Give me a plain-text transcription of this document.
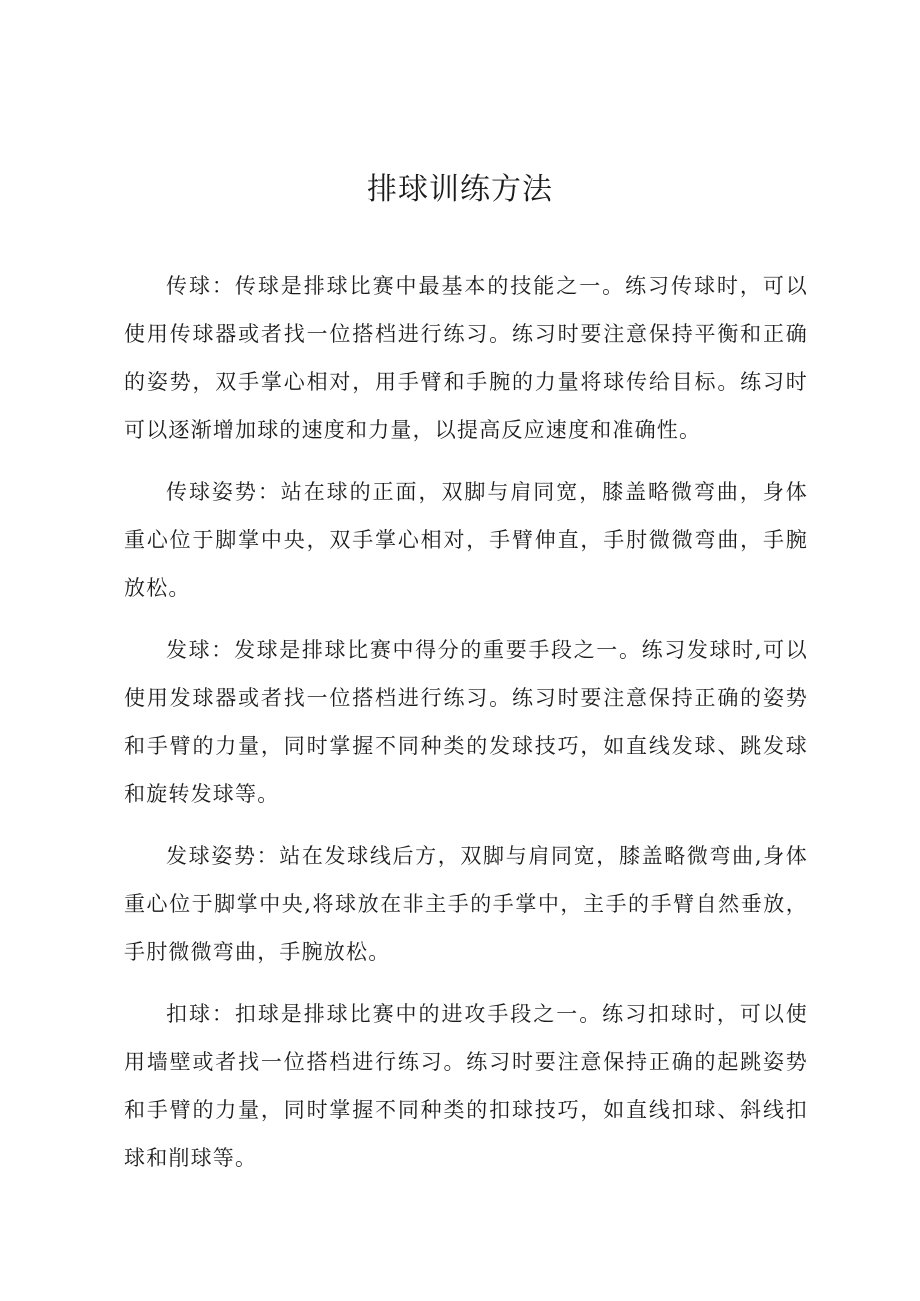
排球训练方法

传球：传球是排球比赛中最基本的技能之一。练习传球时，可以使用传球器或者找一位搭档进行练习。练习时要注意保持平衡和正确的姿势，双手掌心相对，用手臂和手腕的力量将球传给目标。练习时可以逐渐增加球的速度和力量，以提高反应速度和准确性。

传球姿势：站在球的正面，双脚与肩同宽，膝盖略微弯曲，身体重心位于脚掌中央，双手掌心相对，手臂伸直，手肘微微弯曲，手腕放松。

发球：发球是排球比赛中得分的重要手段之一。练习发球时,可以使用发球器或者找一位搭档进行练习。练习时要注意保持正确的姿势和手臂的力量，同时掌握不同种类的发球技巧，如直线发球、跳发球和旋转发球等。

发球姿势：站在发球线后方，双脚与肩同宽，膝盖略微弯曲,身体重心位于脚掌中央,将球放在非主手的手掌中，主手的手臂自然垂放，手肘微微弯曲，手腕放松。

扣球：扣球是排球比赛中的进攻手段之一。练习扣球时，可以使用墙壁或者找一位搭档进行练习。练习时要注意保持正确的起跳姿势和手臂的力量，同时掌握不同种类的扣球技巧，如直线扣球、斜线扣球和削球等。
